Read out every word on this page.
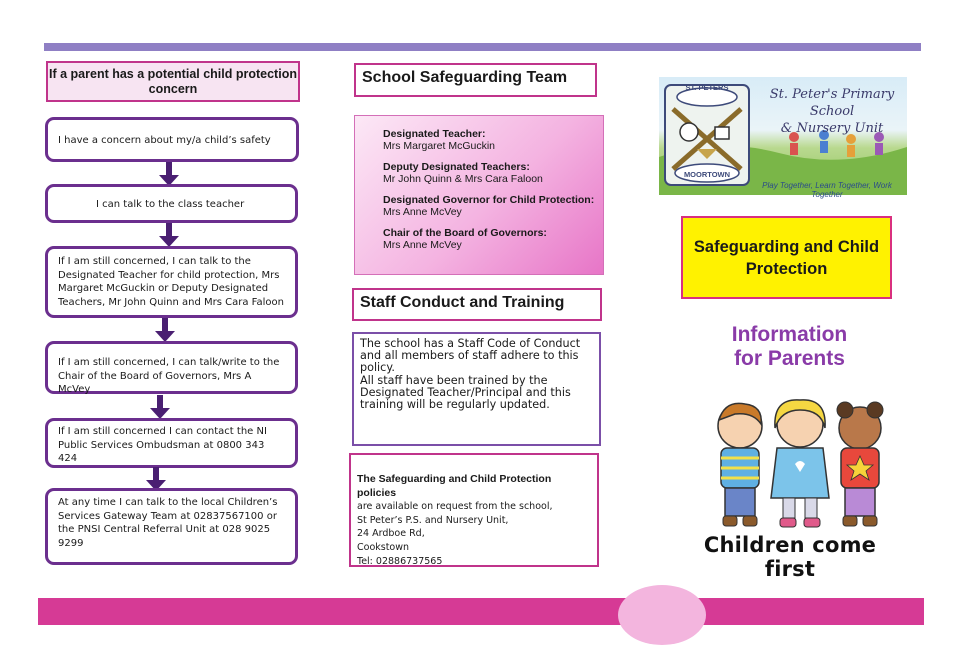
If a parent has a potential child protection concern
I have a concern about my/a child’s safety
I can talk to the class teacher
If I am still concerned, I can talk to the Designated Teacher for child protection, Mrs Margaret McGuckin or Deputy Designated Teachers, Mr John Quinn and Mrs Cara Faloon
If I am still concerned, I can talk/write to the Chair of the Board of Governors, Mrs A McVey
If I am still concerned I can contact the NI Public Services Ombudsman at 0800 343 424
At any time I can talk to the local Children’s Services Gateway Team at 02837567100 or the PNSI Central Referral Unit at 028 9025 9299
School Safeguarding Team
Designated Teacher:
Mrs Margaret McGuckin
Deputy Designated Teachers:
Mr John Quinn & Mrs Cara Faloon
Designated Governor for Child Protection:
Mrs Anne McVey
Chair of the Board of Governors:
Mrs Anne McVey
Staff Conduct and Training
The school has a Staff Code of Conduct and all members of staff adhere to this policy.
All staff have been trained by the Designated Teacher/Principal and this training will be regularly updated.
The Safeguarding and Child Protection policies
are available on request from the school,
St Peter’s P.S. and Nursery Unit,
24 Ardboe Rd,
Cookstown
Tel: 02886737565
ST. PETERS
MOORTOWN
St. Peter's Primary School
& Nursery Unit
Play Together, Learn Together, Work Together
Safeguarding and Child Protection
Information
for Parents
Children come first
